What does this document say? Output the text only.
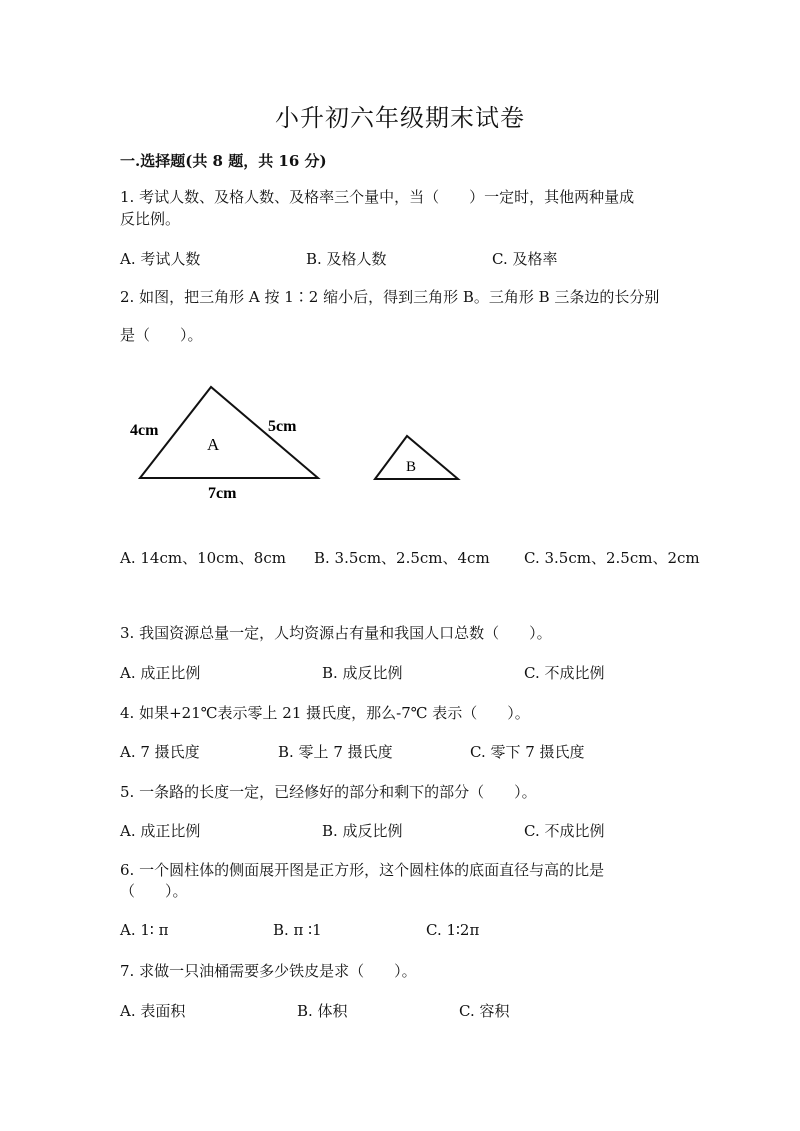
小升初六年级期末试卷
一.选择题(共 8 题，共 16 分)
1. 考试人数、及格人数、及格率三个量中，当（　　）一定时，其他两种量成
反比例。
A. 考试人数	B. 及格人数	C. 及格率
2. 如图，把三角形 A 按 1∶2 缩小后，得到三角形 B。三角形 B 三条边的长分别
是（　　）。
A
4cm	5cm
7cm
B
A. 14cm、10cm、8cm B. 3.5cm、2.5cm、4cm C. 3.5cm、2.5cm、2cm
3. 我国资源总量一定，人均资源占有量和我国人口总数（　　）。
A. 成正比例	B. 成反比例	C. 不成比例
4. 如果+21℃表示零上 21 摄氏度，那么-7℃ 表示（　　）。
A. 7 摄氏度	B. 零上 7 摄氏度	C. 零下 7 摄氏度
5. 一条路的长度一定，已经修好的部分和剩下的部分（　　）。
A. 成正比例	B. 成反比例	C. 不成比例
6. 一个圆柱体的侧面展开图是正方形，这个圆柱体的底面直径与高的比是
（　　）。
A. 1∶ π	B. π ∶1	C. 1∶2π
7. 求做一只油桶需要多少铁皮是求（　　）。
A. 表面积	B. 体积	C. 容积
